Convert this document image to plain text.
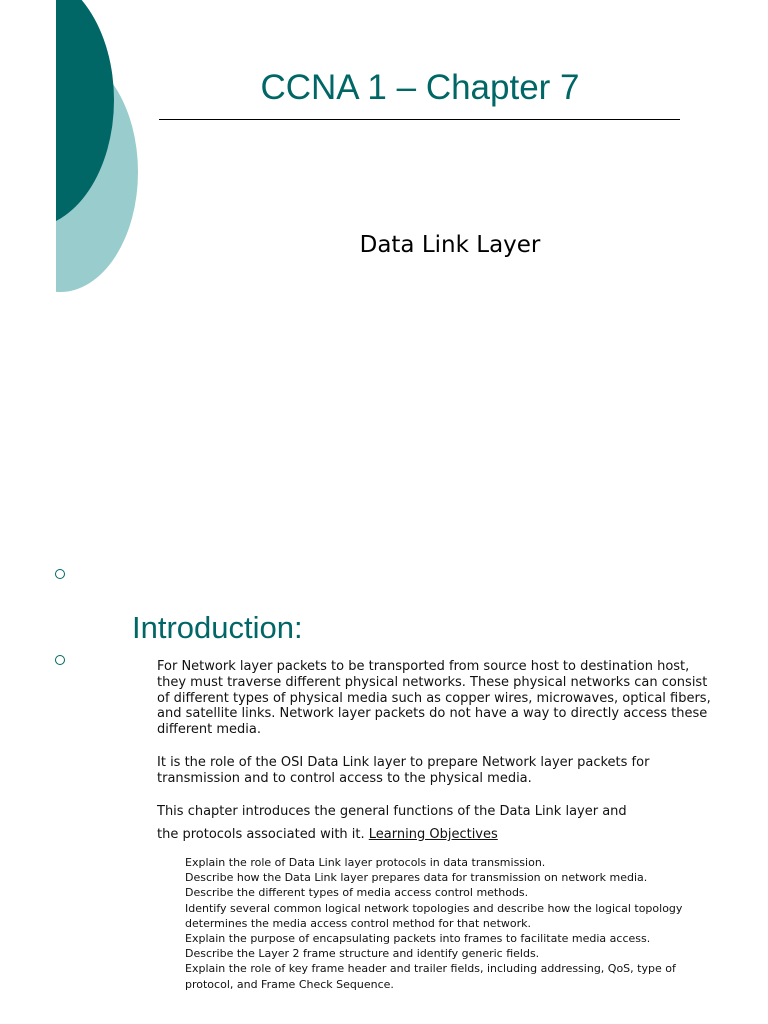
CCNA 1 – Chapter 7
Data Link Layer
Introduction:
For Network layer packets to be transported from source host to destination host, they must traverse different physical networks. These physical networks can consist of different types of physical media such as copper wires, microwaves, optical fibers, and satellite links. Network layer packets do not have a way to directly access these different media.
It is the role of the OSI Data Link layer to prepare Network layer packets for transmission and to control access to the physical media.
This chapter introduces the general functions of the Data Link layer and
the protocols associated with it. Learning Objectives
Explain the role of Data Link layer protocols in data transmission.
Describe how the Data Link layer prepares data for transmission on network media.
Describe the different types of media access control methods.
Identify several common logical network topologies and describe how the logical topology determines the media access control method for that network.
Explain the purpose of encapsulating packets into frames to facilitate media access.
Describe the Layer 2 frame structure and identify generic fields.
Explain the role of key frame header and trailer fields, including addressing, QoS, type of protocol, and Frame Check Sequence.
